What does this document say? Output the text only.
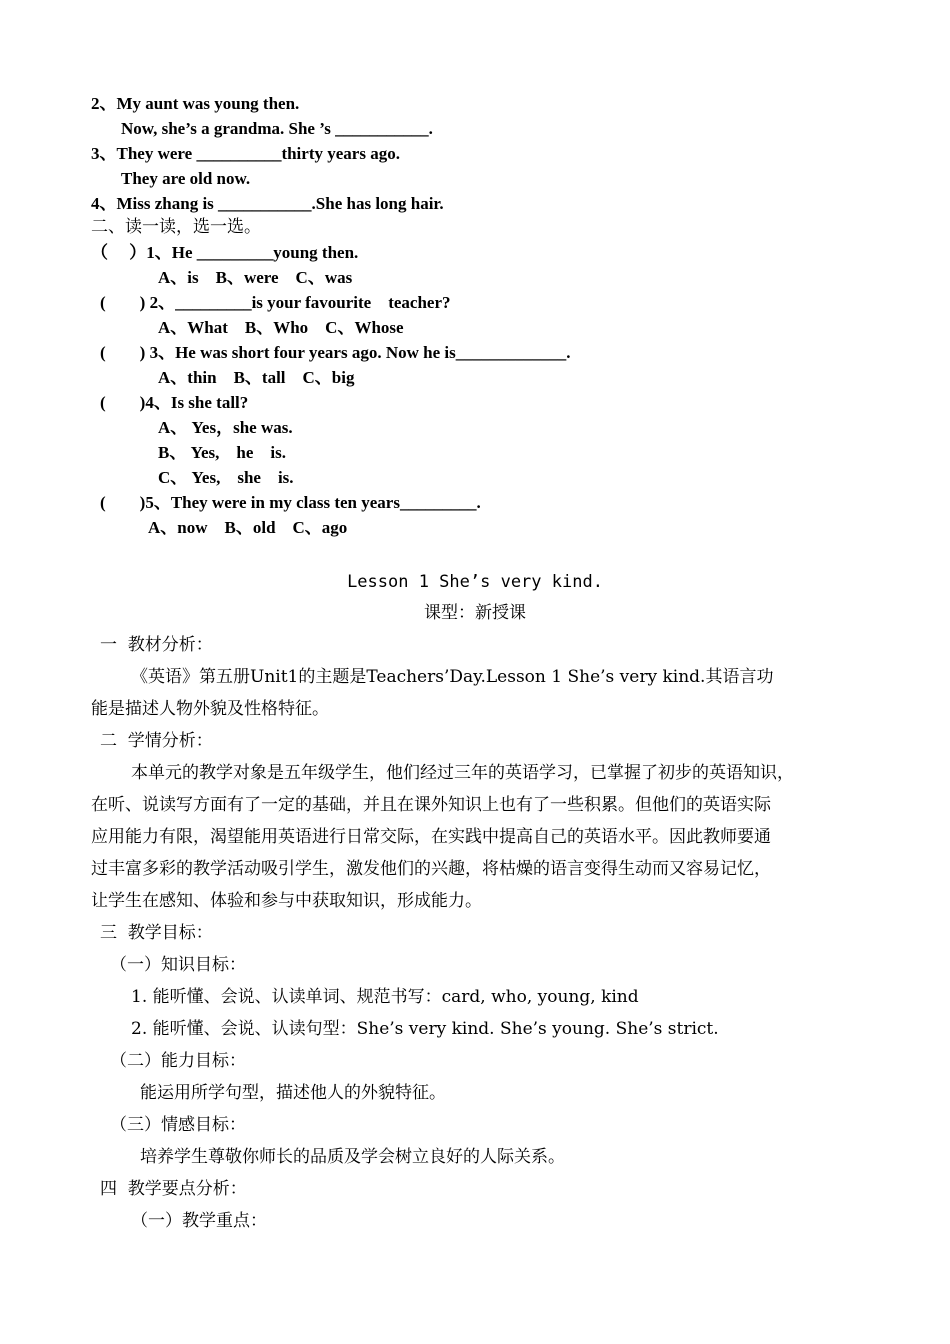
2、My aunt was young then.
Now, she’s a grandma. She ’s ___________.
3、They were __________thirty years ago.
They are old now.
4、Miss zhang is ___________.She has long hair.
二、读一读，选一选。
（     ）1、He _________young then.
A、is    B、were    C、was
(        ) 2、_________is your favourite    teacher?
A、What    B、Who    C、Whose
(        ) 3、He was short four years ago. Now he is_____________.
A、thin    B、tall    C、big
(        )4、Is she tall?
A、 Yes，she was.
B、 Yes,    he    is.
C、 Yes,    she    is.
(        )5、They were in my class ten years_________.
A、now    B、old    C、ago
Lesson 1 She’s very kind.
课型：新授课
一  教材分析：
《英语》第五册Unit1的主题是Teachers’Day.Lesson 1 She’s very kind.其语言功
能是描述人物外貌及性格特征。
二  学情分析：
本单元的教学对象是五年级学生，他们经过三年的英语学习，已掌握了初步的英语知识，
在听、说读写方面有了一定的基础，并且在课外知识上也有了一些积累。但他们的英语实际
应用能力有限，渴望能用英语进行日常交际，在实践中提高自己的英语水平。因此教师要通
过丰富多彩的教学活动吸引学生，激发他们的兴趣，将枯燥的语言变得生动而又容易记忆，
让学生在感知、体验和参与中获取知识，形成能力。
三  教学目标：
（一）知识目标：
1. 能听懂、会说、认读单词、规范书写：card, who, young, kind
2. 能听懂、会说、认读句型：She’s very kind. She’s young. She’s strict.
（二）能力目标：
能运用所学句型，描述他人的外貌特征。
（三）情感目标：
培养学生尊敬你师长的品质及学会树立良好的人际关系。
四  教学要点分析：
（一）教学重点：
